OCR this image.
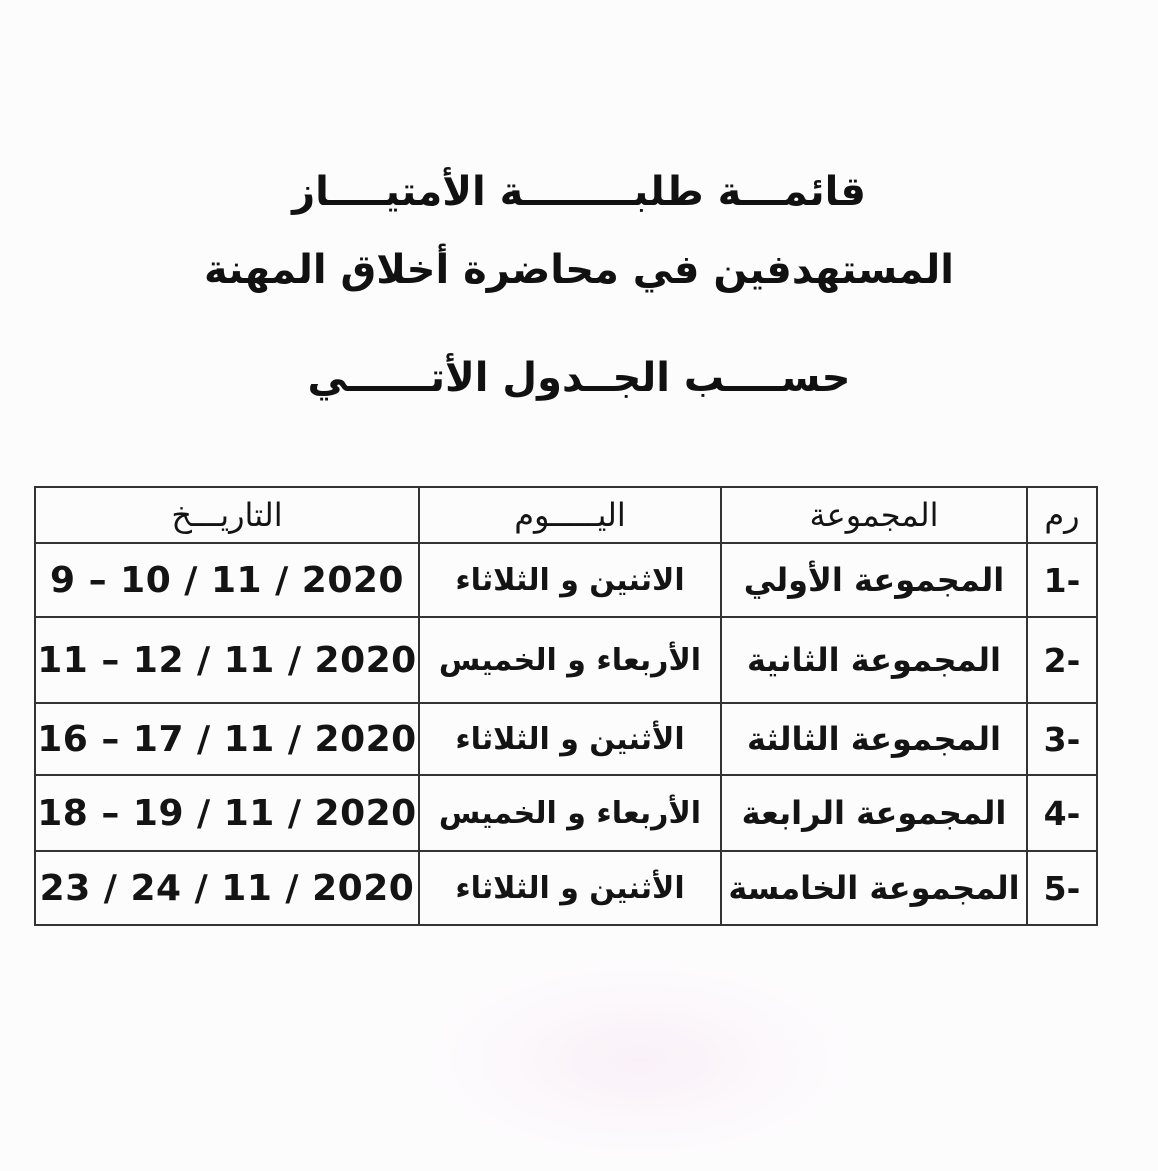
قائمـــة طلبــــــــة الأمتيــــاز
المستهدفين في محاضرة أخلاق المهنة
حســــب الجــدول الأتــــــي
رم	المجموعة	اليـــــوم	التاريـــخ
1-	المجموعة الأولي	الاثنين و الثلاثاء	9 – 10 / 11 / 2020
2-	المجموعة الثانية	الأربعاء و الخميس	11 – 12 / 11 / 2020
3-	المجموعة الثالثة	الأثنين و الثلاثاء	16 – 17 / 11 / 2020
4-	المجموعة الرابعة	الأربعاء و الخميس	18 – 19 / 11 / 2020
5-	المجموعة الخامسة	الأثنين و الثلاثاء	23 / 24 / 11 / 2020
